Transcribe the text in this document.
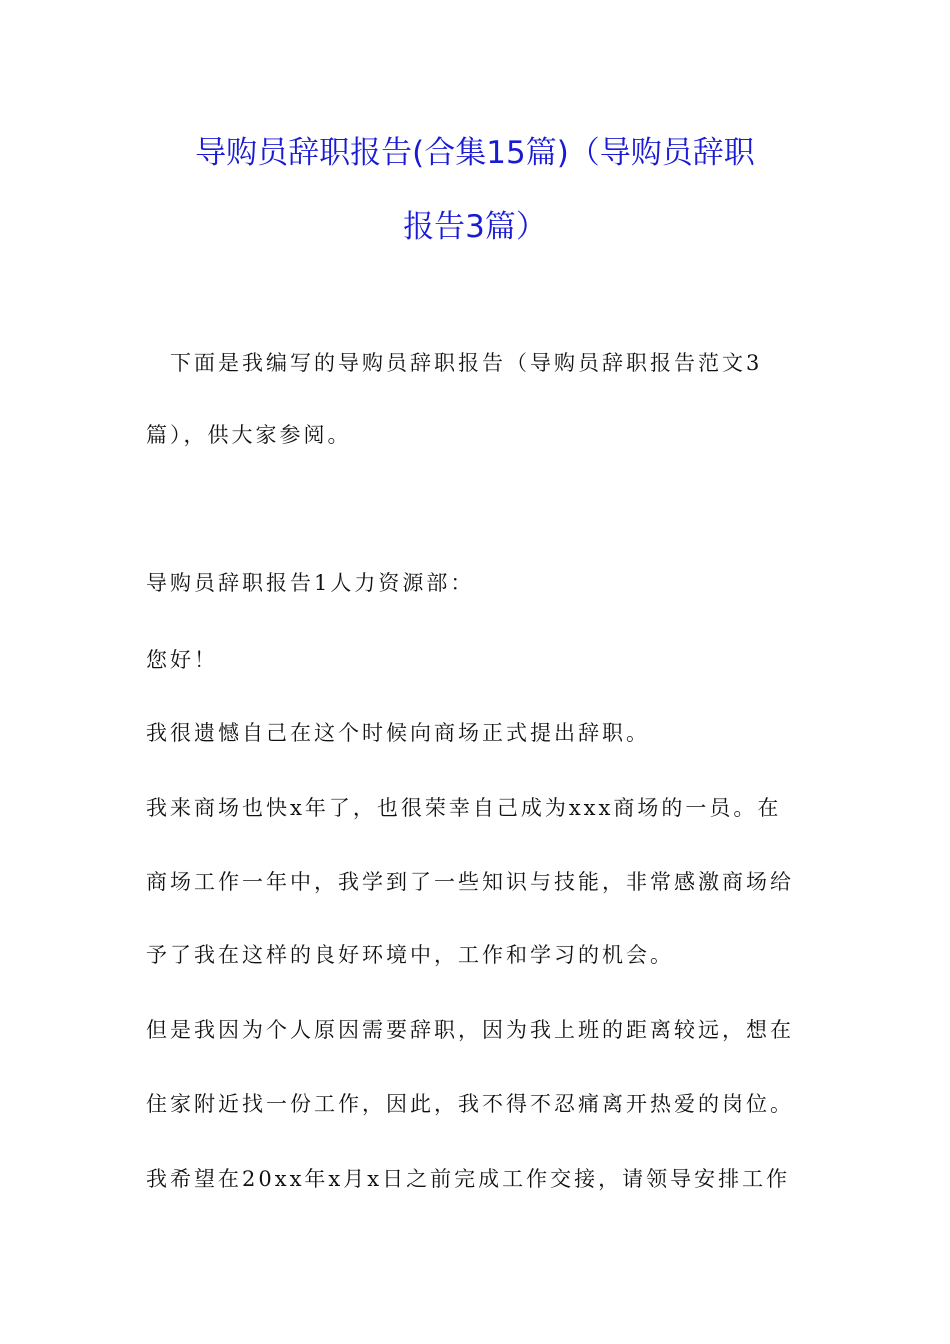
导购员辞职报告(合集15篇)（导购员辞职
报告3篇）
　下面是我编写的导购员辞职报告（导购员辞职报告范文3
篇），供大家参阅。
导购员辞职报告1人力资源部：
您好！
我很遗憾自己在这个时候向商场正式提出辞职。
我来商场也快x年了，也很荣幸自己成为xxx商场的一员。在
商场工作一年中，我学到了一些知识与技能，非常感激商场给
予了我在这样的良好环境中，工作和学习的机会。
但是我因为个人原因需要辞职，因为我上班的距离较远，想在
住家附近找一份工作，因此，我不得不忍痛离开热爱的岗位。
我希望在20xx年x月x日之前完成工作交接，请领导安排工作
